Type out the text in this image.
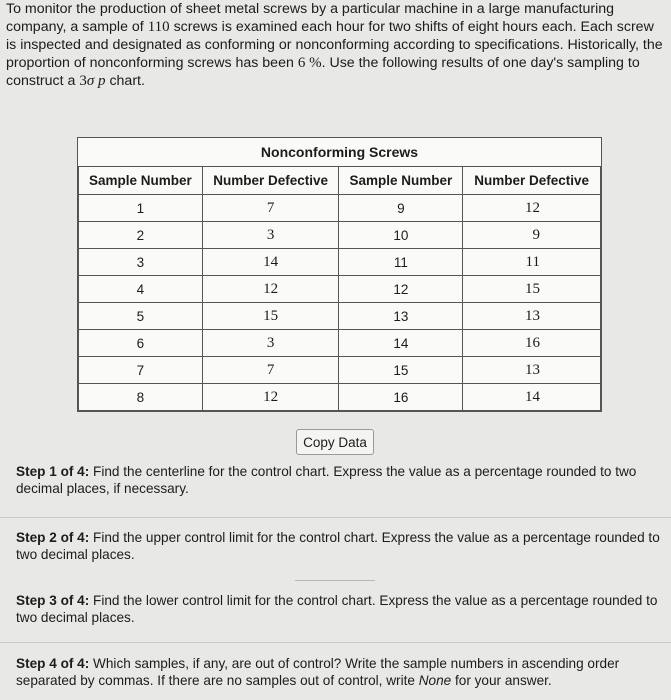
To monitor the production of sheet metal screws by a particular machine in a large manufacturing company, a sample of 110 screws is examined each hour for two shifts of eight hours each. Each screw is inspected and designated as conforming or nonconforming according to specifications. Historically, the proportion of nonconforming screws has been 6 %. Use the following results of one day's sampling to construct a 3σ p chart.

Nonconforming Screws			
Sample Number	Number Defective	Sample Number	Number Defective
1	7	9	12
2	3	10	9
3	14	11	11
4	12	12	15
5	15	13	13
6	3	14	16
7	7	15	13
8	12	16	14
Copy Data

Step 1 of 4: Find the centerline for the control chart. Express the value as a percentage rounded to two decimal places, if necessary.

Step 2 of 4: Find the upper control limit for the control chart. Express the value as a percentage rounded to two decimal places.

Step 3 of 4: Find the lower control limit for the control chart. Express the value as a percentage rounded to two decimal places.

Step 4 of 4: Which samples, if any, are out of control? Write the sample numbers in ascending order separated by commas. If there are no samples out of control, write None for your answer.
